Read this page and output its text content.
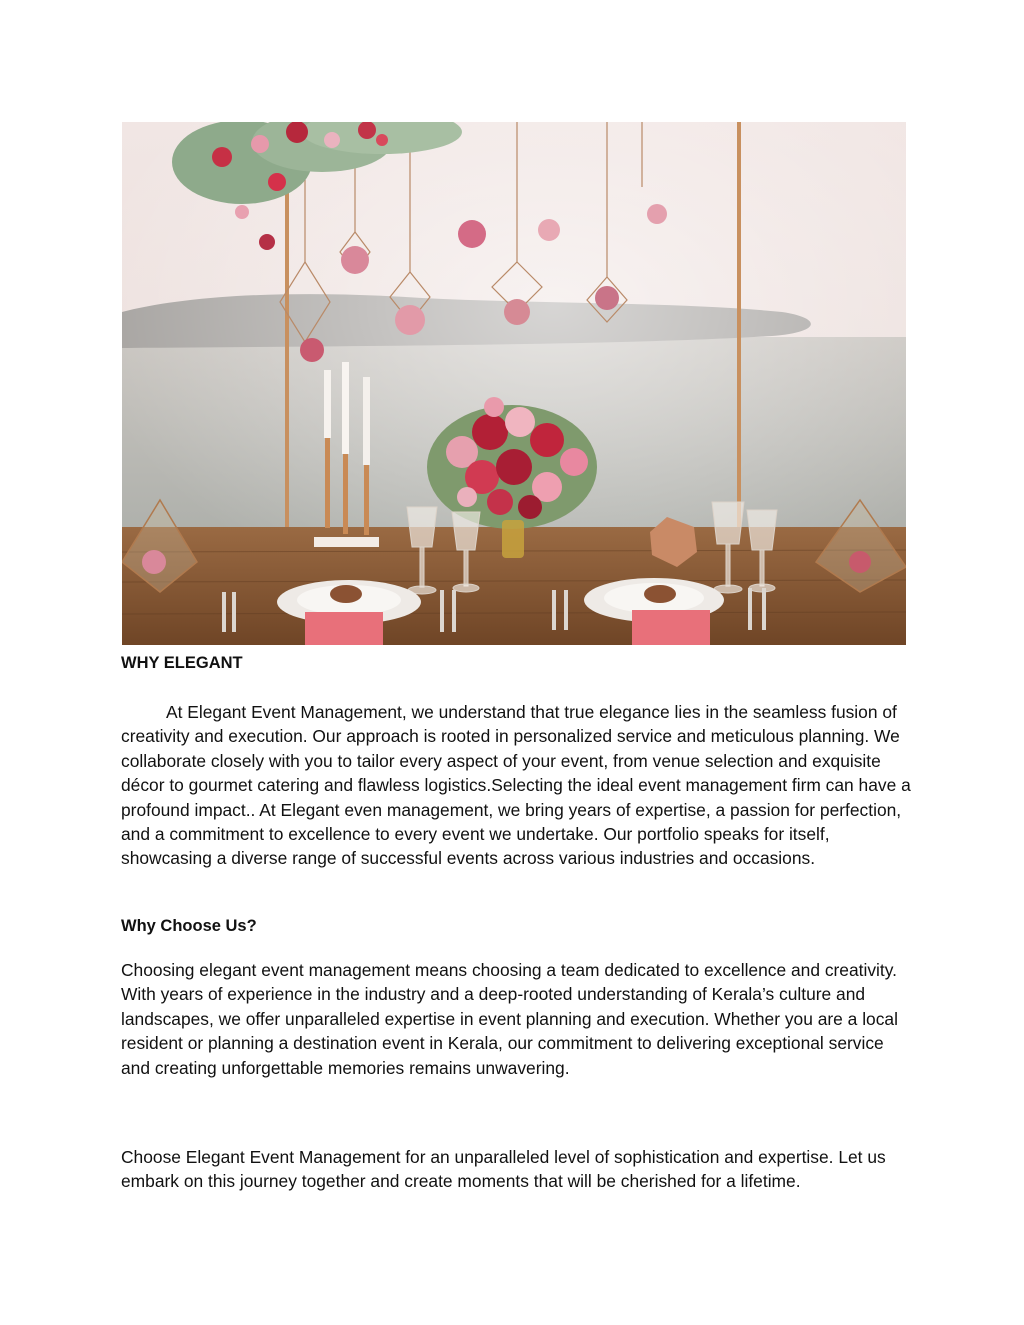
WHY ELEGANT

At Elegant Event Management, we understand that true elegance lies in the seamless fusion of creativity and execution. Our approach is rooted in personalized service and meticulous planning. We collaborate closely with you to tailor every aspect of your event, from venue selection and exquisite décor to gourmet catering and flawless logistics.Selecting the ideal event management firm can have a profound impact.. At Elegant even management, we bring years of expertise, a passion for perfection, and a commitment to excellence to every event we undertake. Our portfolio speaks for itself, showcasing a diverse range of successful events across various industries and occasions.

Why Choose Us?

Choosing elegant event management means choosing a team dedicated to excellence and creativity. With years of experience in the industry and a deep-rooted understanding of Kerala’s culture and landscapes, we offer unparalleled expertise in event planning and execution. Whether you are a local resident or planning a destination event in Kerala, our commitment to delivering exceptional service and creating unforgettable memories remains unwavering.

Choose Elegant Event Management for an unparalleled level of sophistication and expertise. Let us embark on this journey together and create moments that will be cherished for a lifetime.
